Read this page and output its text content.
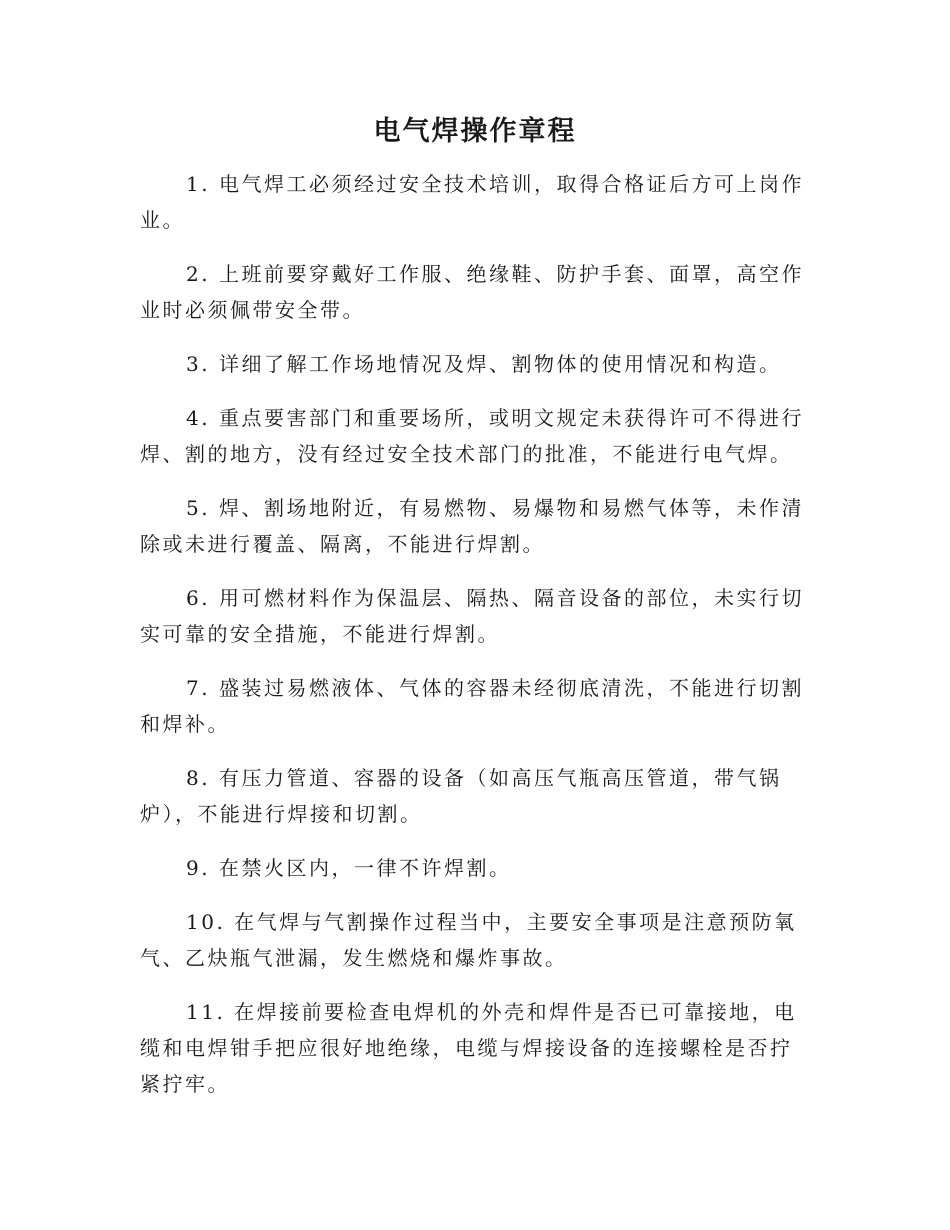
电气焊操作章程

1. 电气焊工必须经过安全技术培训，取得合格证后方可上岗作业。

2. 上班前要穿戴好工作服、绝缘鞋、防护手套、面罩，高空作业时必须佩带安全带。

3. 详细了解工作场地情况及焊、割物体的使用情况和构造。

4. 重点要害部门和重要场所，或明文规定未获得许可不得进行焊、割的地方，没有经过安全技术部门的批准，不能进行电气焊。

5. 焊、割场地附近，有易燃物、易爆物和易燃气体等，未作清除或未进行覆盖、隔离，不能进行焊割。

6. 用可燃材料作为保温层、隔热、隔音设备的部位，未实行切实可靠的安全措施，不能进行焊割。

7. 盛装过易燃液体、气体的容器未经彻底清洗，不能进行切割和焊补。

8. 有压力管道、容器的设备（如高压气瓶高压管道，带气锅炉），不能进行焊接和切割。

9. 在禁火区内，一律不许焊割。

10. 在气焊与气割操作过程当中，主要安全事项是注意预防氧气、乙炔瓶气泄漏，发生燃烧和爆炸事故。

11. 在焊接前要检查电焊机的外壳和焊件是否已可靠接地，电缆和电焊钳手把应很好地绝缘，电缆与焊接设备的连接螺栓是否拧紧拧牢。
